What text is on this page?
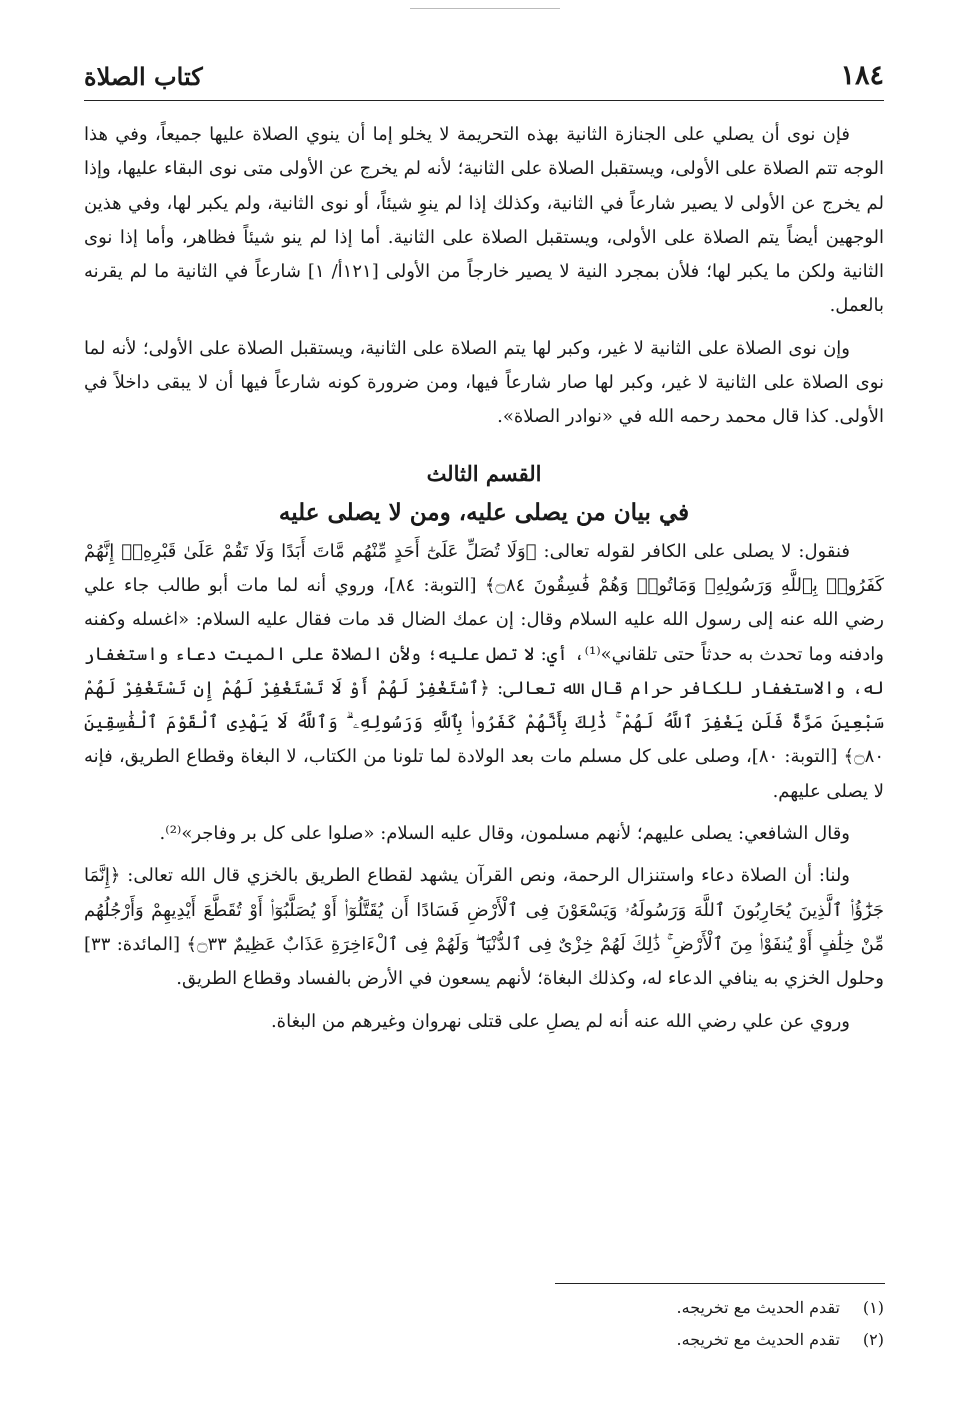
١٨٤
كتاب الصلاة

فإن نوى أن يصلي على الجنازة الثانية بهذه التحريمة لا يخلو إما أن ينوي الصلاة عليها جميعاً، وفي هذا الوجه تتم الصلاة على الأولى، ويستقبل الصلاة على الثانية؛ لأنه لم يخرج عن الأولى متى نوى البقاء عليها، وإذا لم يخرج عن الأولى لا يصير شارعاً في الثانية، وكذلك إذا لم ينوِ شيئاً، أو نوى الثانية، ولم يكبر لها، وفي هذين الوجهين أيضاً يتم الصلاة على الأولى، ويستقبل الصلاة على الثانية. أما إذا لم ينو شيئاً فظاهر، وأما إذا نوى الثانية ولكن ما يكبر لها؛ فلأن بمجرد النية لا يصير خارجاً من الأولى [١٢١أ/ ١] شارعاً في الثانية ما لم يقرنه بالعمل.

وإن نوى الصلاة على الثانية لا غير، وكبر لها يتم الصلاة على الثانية، ويستقبل الصلاة على الأولى؛ لأنه لما نوى الصلاة على الثانية لا غير، وكبر لها صار شارعاً فيها، ومن ضرورة كونه شارعاً فيها أن لا يبقى داخلاً في الأولى. كذا قال محمد رحمه الله في «نوادر الصلاة».

القسم الثالث
في بيان من يصلى عليه، ومن لا يصلى عليه

فنقول: لا يصلى على الكافر لقوله تعالى: ﴿وَلَا تُصَلِّ عَلَىٰٓ أَحَدٍ مِّنْهُم مَّاتَ أَبَدًا وَلَا تَقُمْ عَلَىٰ قَبْرِهِۦٓ إِنَّهُمْ كَفَرُوا۟ بِٱللَّهِ وَرَسُولِهِۦ وَمَاتُوا۟ وَهُمْ فَٰسِقُونَ ۝٨٤﴾ [التوبة: ٨٤]، وروي أنه لما مات أبو طالب جاء علي رضي الله عنه إلى رسول الله عليه السلام وقال: إن عمك الضال قد مات فقال عليه السلام: «اغسله وكفنه وادفنه وما تحدث به حدثاً حتى تلقاني»⁽¹⁾، أي: لا تصل عليه؛ ولأن الصلاة على الميت دعاء واستغفار له، والاستغفار للكافر حرام قال الله تعالى: ﴿ٱسْتَغْفِرْ لَهُمْ أَوْ لَا تَسْتَغْفِرْ لَهُمْ إِن تَسْتَغْفِرْ لَهُمْ سَبْعِينَ مَرَّةً فَلَن يَغْفِرَ ٱللَّهُ لَهُمْ ۚ ذَٰلِكَ بِأَنَّهُمْ كَفَرُوا۟ بِٱللَّهِ وَرَسُولِهِۦ ۗ وَٱللَّهُ لَا يَهْدِى ٱلْقَوْمَ ٱلْفَٰسِقِينَ ۝٨٠﴾ [التوبة: ٨٠]، وصلى على كل مسلم مات بعد الولادة لما تلونا من الكتاب، لا البغاة وقطاع الطريق، فإنه لا يصلى عليهم.

وقال الشافعي: يصلى عليهم؛ لأنهم مسلمون، وقال عليه السلام: «صلوا على كل بر وفاجر»⁽²⁾.

ولنا: أن الصلاة دعاء واستنزال الرحمة، ونص القرآن يشهد لقطاع الطريق بالخزي قال الله تعالى: ﴿إِنَّمَا جَزَٰٓؤُا۟ ٱلَّذِينَ يُحَارِبُونَ ٱللَّهَ وَرَسُولَهُۥ وَيَسْعَوْنَ فِى ٱلْأَرْضِ فَسَادًا أَن يُقَتَّلُوٓا۟ أَوْ يُصَلَّبُوٓا۟ أَوْ تُقَطَّعَ أَيْدِيهِمْ وَأَرْجُلُهُم مِّنْ خِلَٰفٍ أَوْ يُنفَوْا۟ مِنَ ٱلْأَرْضِ ۚ ذَٰلِكَ لَهُمْ خِزْىٌ فِى ٱلدُّنْيَا ۖ وَلَهُمْ فِى ٱلْءَاخِرَةِ عَذَابٌ عَظِيمٌ ۝٣٣﴾ [المائدة: ٣٣] وحلول الخزي به ينافي الدعاء له، وكذلك البغاة؛ لأنهم يسعون في الأرض بالفساد وقطاع الطريق.

وروي عن علي رضي الله عنه أنه لم يصلِ على قتلى نهروان وغيرهم من البغاة.

(١)تقدم الحديث مع تخريجه.
(٢)تقدم الحديث مع تخريجه.
